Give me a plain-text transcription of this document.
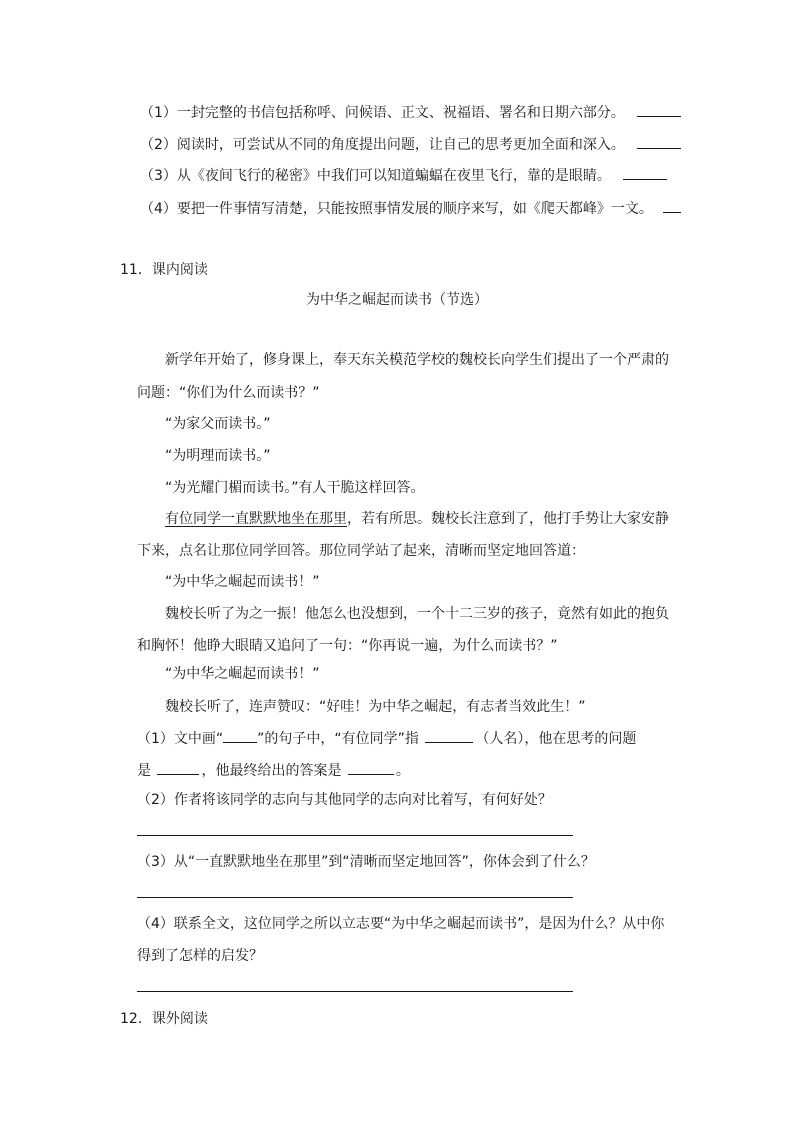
（1）一封完整的书信包括称呼、问候语、正文、祝福语、署名和日期六部分。
（2）阅读时，可尝试从不同的角度提出问题，让自己的思考更加全面和深入。
（3）从《夜间飞行的秘密》中我们可以知道蝙蝠在夜里飞行，靠的是眼睛。
（4）要把一件事情写清楚，只能按照事情发展的顺序来写，如《爬天都峰》一文。
11．课内阅读
为中华之崛起而读书（节选）
新学年开始了，修身课上，奉天东关模范学校的魏校长向学生们提出了一个严肃的
问题：“你们为什么而读书？”
“为家父而读书。”
“为明理而读书。”
“为光耀门楣而读书。”有人干脆这样回答。
有位同学一直默默地坐在那里，若有所思。魏校长注意到了，他打手势让大家安静
下来，点名让那位同学回答。那位同学站了起来，清晰而坚定地回答道：
“为中华之崛起而读书！”
魏校长听了为之一振！他怎么也没想到，一个十二三岁的孩子，竟然有如此的抱负
和胸怀！他睁大眼睛又追问了一句：“你再说一遍，为什么而读书？”
“为中华之崛起而读书！”
魏校长听了，连声赞叹：“好哇！为中华之崛起，有志者当效此生！”
（1）文中画“ ”的句子中，“有位同学”指	（人名），他在思考的问题
是	，他最终给出的答案是	。
（2）作者将该同学的志向与其他同学的志向对比着写，有何好处？
（3）从“一直默默地坐在那里”到“清晰而坚定地回答”，你体会到了什么？
（4）联系全文，这位同学之所以立志要“为中华之崛起而读书”，是因为什么？从中你
得到了怎样的启发？
12．课外阅读
